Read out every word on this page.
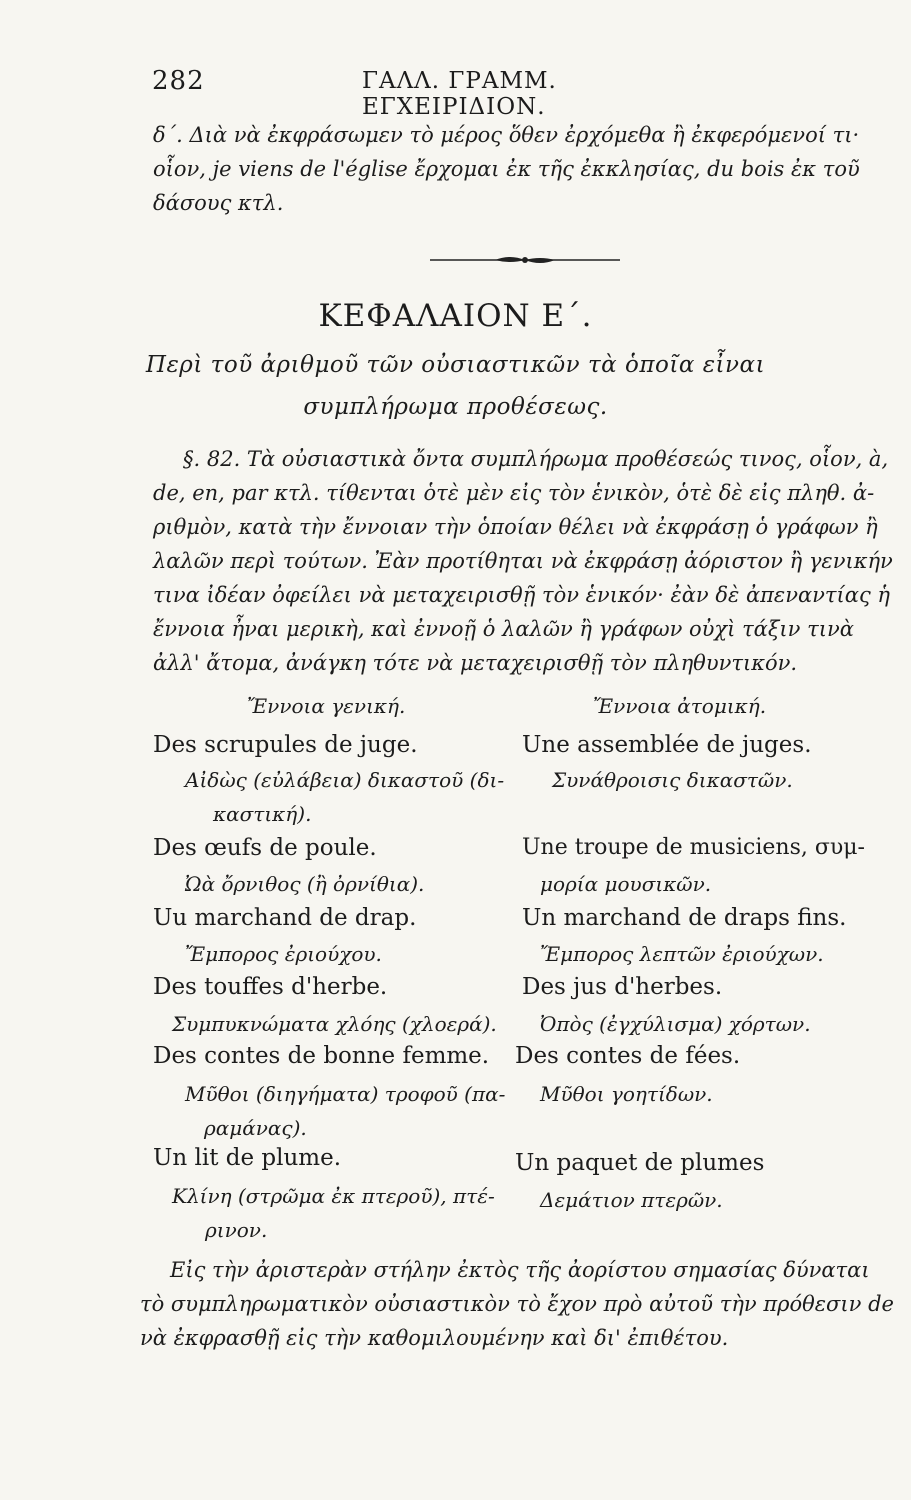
282	ΓΑΛΛ. ΓΡΑΜΜ. ΕΓΧΕΙΡΙΔΙΟΝ.
δ΄. Διὰ νὰ ἐκφράσωμεν τὸ μέρος ὅθεν ἐρχόμεθα ἢ ἐκφερόμενοί τι·
οἷον, je viens de l'église ἔρχομαι ἐκ τῆς ἐκκλησίας, du bois ἐκ τοῦ
δάσους κτλ.
ΚΕΦΑΛΑΙΟΝ Ε΄.
Περὶ τοῦ ἀριθμοῦ τῶν οὐσιαστικῶν τὰ ὁποῖα εἶναι
συμπλήρωμα προθέσεως.
§. 82. Τὰ οὐσιαστικὰ ὄντα συμπλήρωμα προθέσεώς τινος, οἷον, à,
de, en, par κτλ. τίθενται ὁτὲ μὲν εἰς τὸν ἑνικὸν, ὁτὲ δὲ εἰς πληθ. ἀ-
ριθμὸν, κατὰ τὴν ἔννοιαν τὴν ὁποίαν θέλει νὰ ἐκφράσῃ ὁ γράφων ἢ
λαλῶν περὶ τούτων. Ἐὰν προτίθηται νὰ ἐκφράσῃ ἀόριστον ἢ γενικήν
τινα ἰδέαν ὀφείλει νὰ μεταχειρισθῇ τὸν ἑνικόν· ἐὰν δὲ ἀπεναντίας ἡ
ἔννοια ἦναι μερικὴ, καὶ ἐννοῇ ὁ λαλῶν ἢ γράφων οὐχὶ τάξιν τινὰ
ἀλλ' ἄτομα, ἀνάγκη τότε νὰ μεταχειρισθῇ τὸν πληθυντικόν.
Ἔννοια γενική.	Ἔννοια ἀτομική.
Des scrupules de juge.
Αἰδὼς (εὐλάβεια) δικαστοῦ (δι-
καστική).
Des œufs de poule.
Ὠὰ ὄρνιθος (ἢ ὀρνίθια).
Uu marchand de drap.
Ἔμπορος ἐριούχου.
Des touffes d'herbe.
Συμπυκνώματα χλόης (χλοερά).
Des contes de bonne femme.
Μῦθοι (διηγήματα) τροφοῦ (πα-
ραμάνας).
Un lit de plume.
Κλίνη (στρῶμα ἐκ πτεροῦ), πτέ-
ρινον.
Une assemblée de juges.
Συνάθροισις δικαστῶν.
Une troupe de musiciens, συμ-
μορία μουσικῶν.
Un marchand de draps fins.
Ἔμπορος λεπτῶν ἐριούχων.
Des jus d'herbes.
Ὀπὸς (ἐγχύλισμα) χόρτων.
Des contes de fées.
Μῦθοι γοητίδων.
Un paquet de plumes
Δεμάτιον πτερῶν.
Εἰς τὴν ἀριστερὰν στήλην ἐκτὸς τῆς ἀορίστου σημασίας δύναται
τὸ συμπληρωματικὸν οὐσιαστικὸν τὸ ἔχον πρὸ αὐτοῦ τὴν πρόθεσιν de
νὰ ἐκφρασθῇ εἰς τὴν καθομιλουμένην καὶ δι' ἐπιθέτου.
